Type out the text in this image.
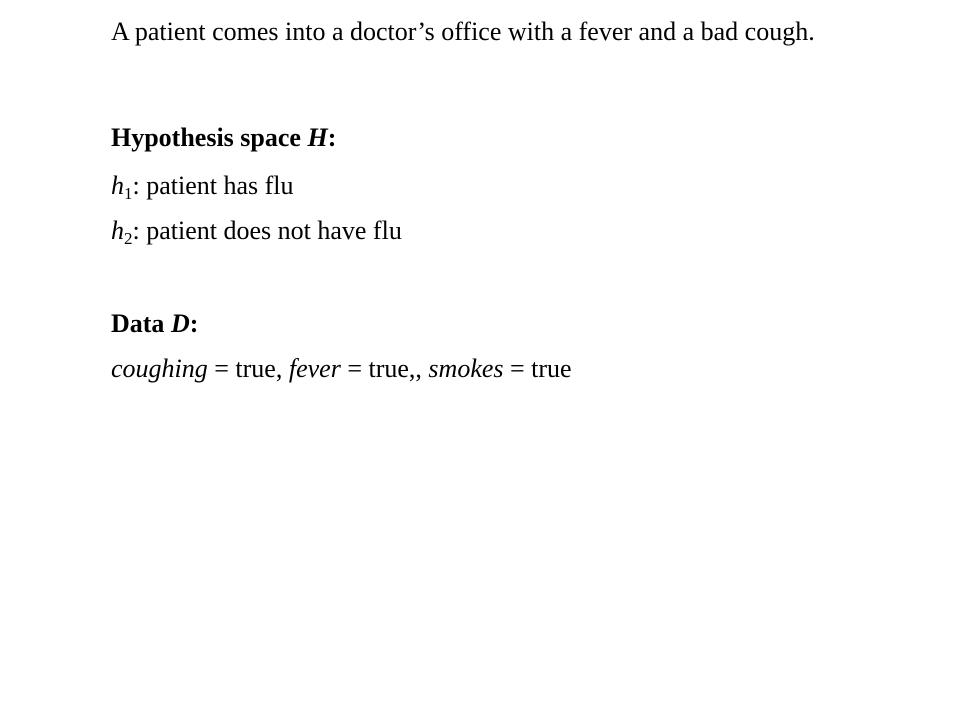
A patient comes into a doctor’s office with a fever and a bad cough.
Hypothesis space H:
$h_1$: patient has flu
$h_2$: patient does not have flu
Data D:
coughing = true, fever = true,, smokes = true
